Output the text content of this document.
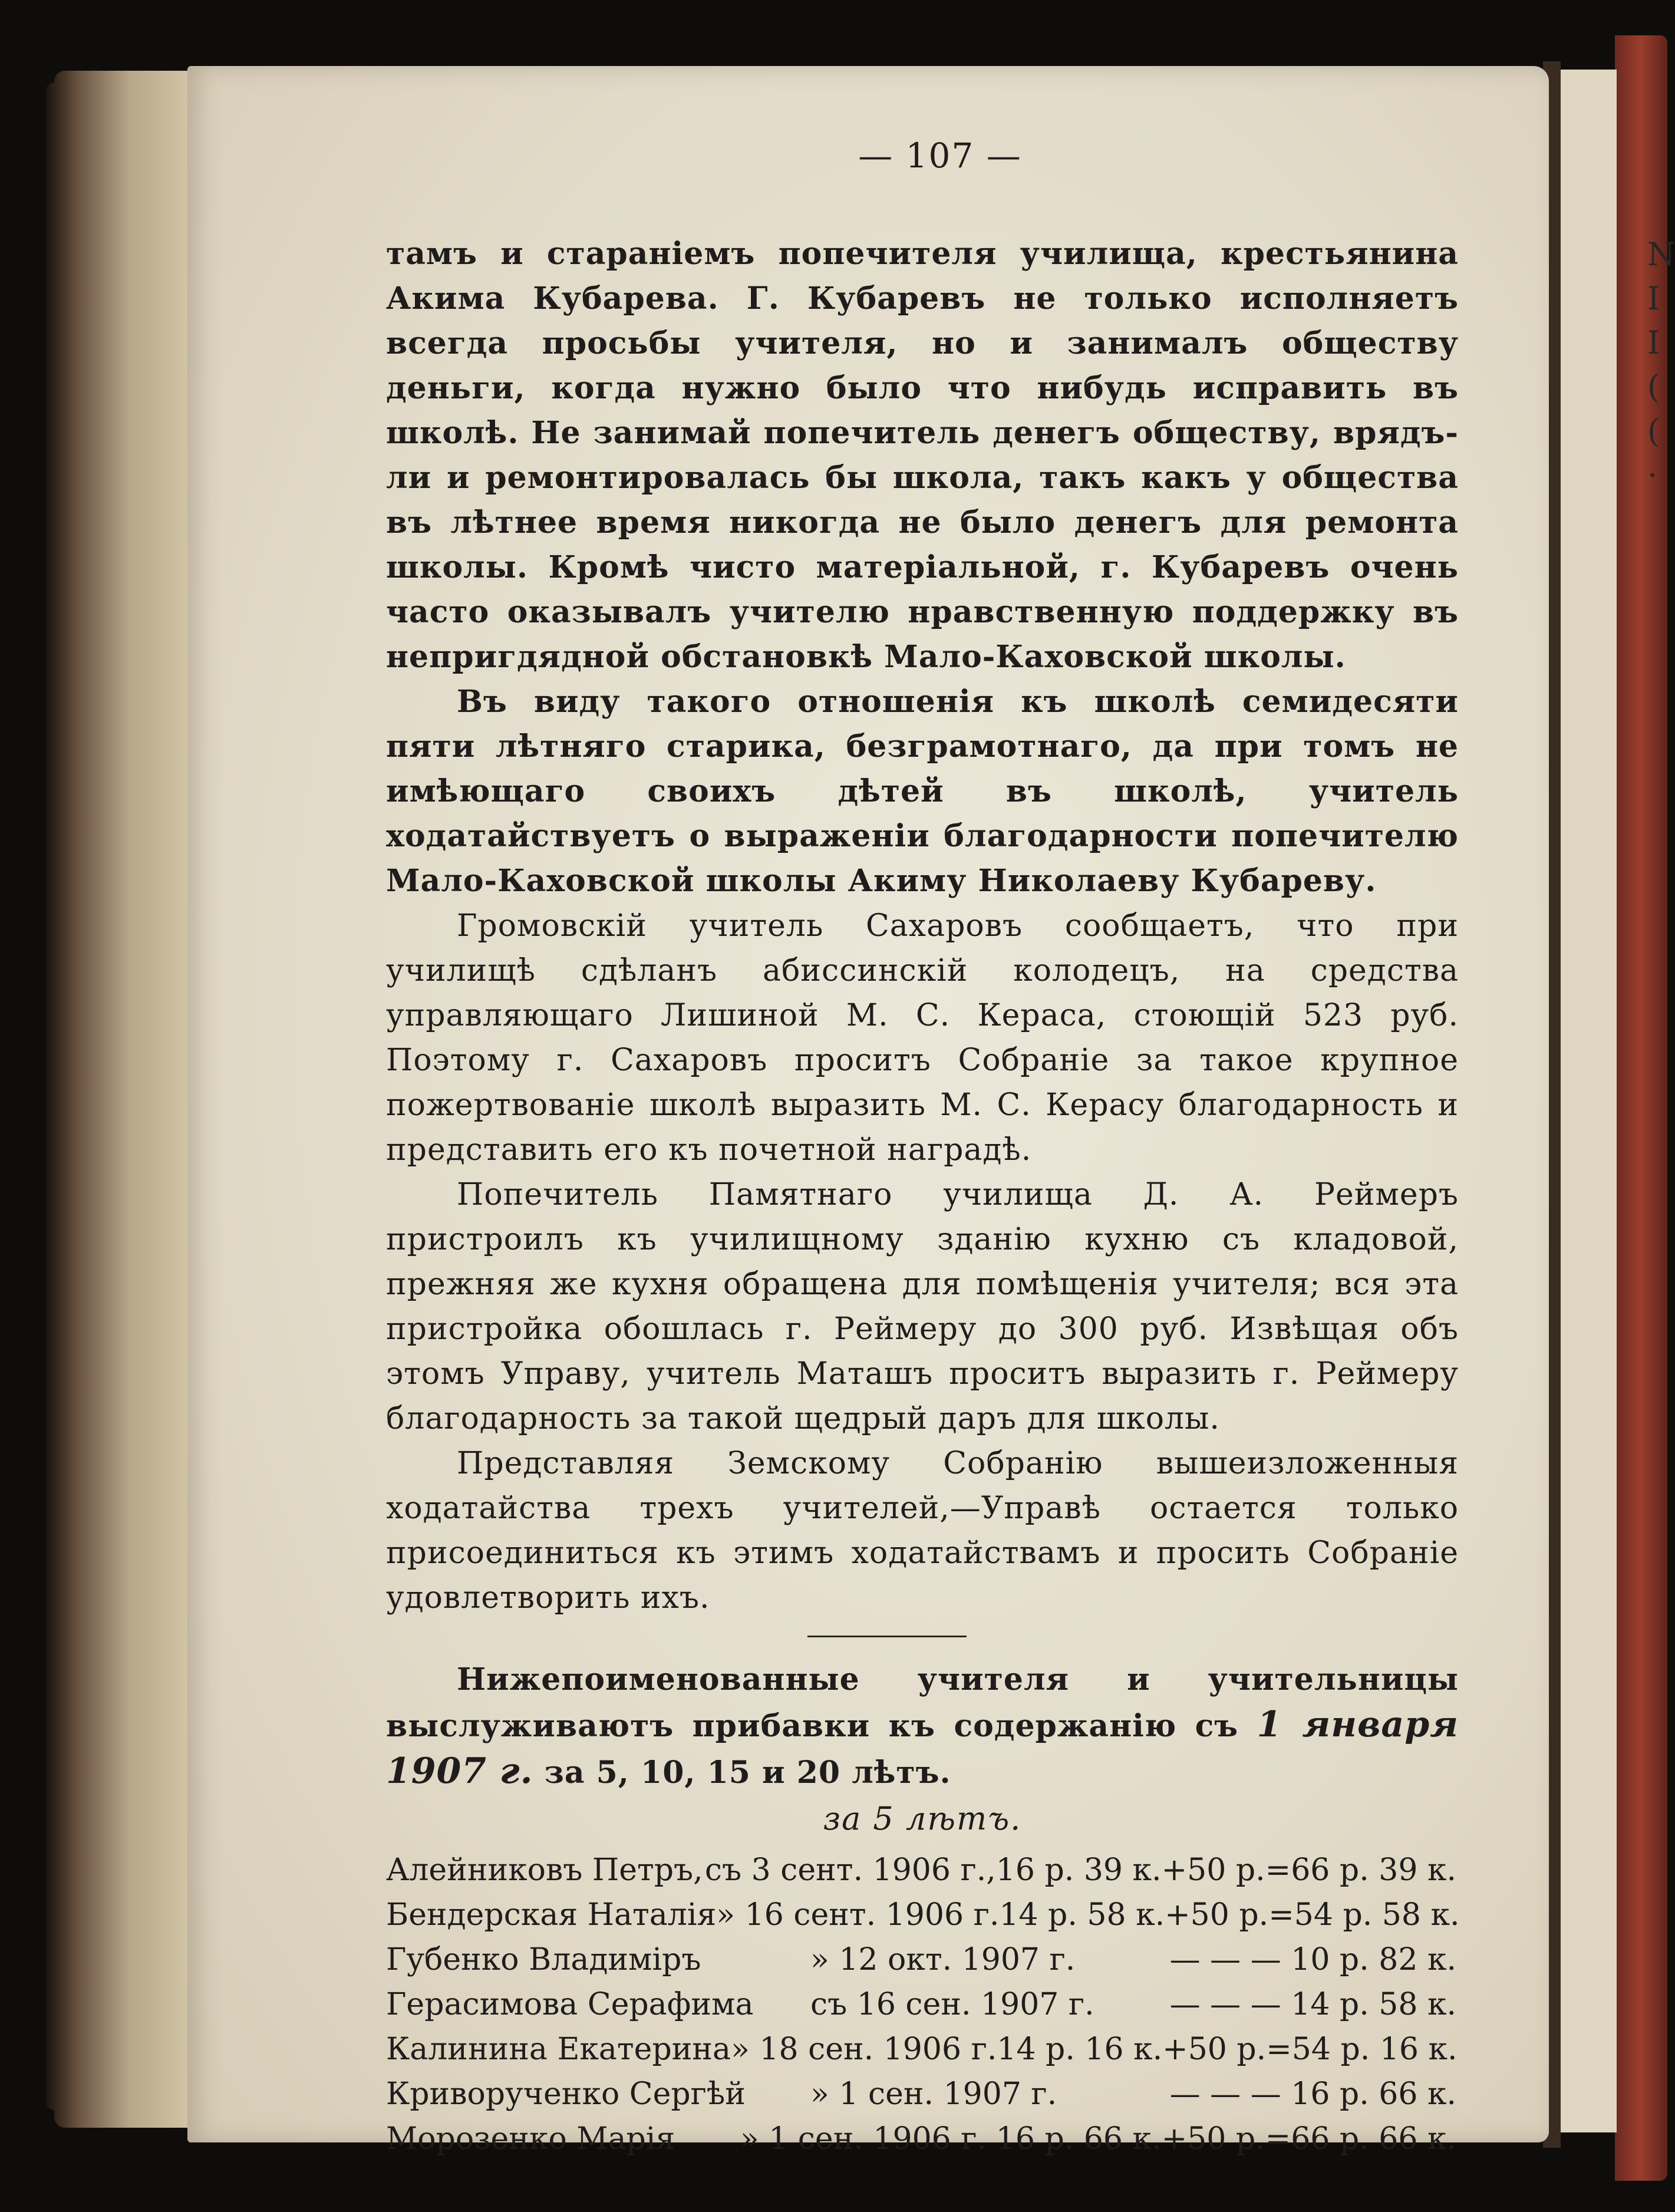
N
I
I
(
(
·
— 107 —

тамъ и стараніемъ попечителя училища, крестьянина Акима Кубарева. Г. Кубаревъ не только исполняетъ всегда просьбы учителя, но и занималъ обществу деньги, когда нужно было что нибудь исправить въ школѣ. Не занимай попечитель денегъ обществу, врядъ-ли и ремонтировалась бы школа, такъ какъ у общества въ лѣтнее время никогда не было денегъ для ремонта школы. Кромѣ чисто матеріальной, г. Кубаревъ очень часто оказывалъ учителю нравственную поддержку въ непригдядной обстановкѣ Мало-Каховской школы.

Въ виду такого отношенія къ школѣ семидесяти пяти лѣтняго старика, безграмотнаго, да при томъ не имѣющаго своихъ дѣтей въ школѣ, учитель ходатайствуетъ о выраженіи благодарности попечителю Мало-Каховской школы Акиму Николаеву Кубареву.

Громовскій учитель Сахаровъ сообщаетъ, что при училищѣ сдѣланъ абиссинскій колодецъ, на средства управляющаго Лишиной М. С. Кераса, стоющій 523 руб. Поэтому г. Сахаровъ проситъ Собраніе за такое крупное пожертвованіе школѣ выразить М. С. Керасу благодарность и представить его къ почетной наградѣ.

Попечитель Памятнаго училища Д. А. Реймеръ пристроилъ къ училищному зданію кухню съ кладовой, прежняя же кухня обращена для помѣщенія учителя; вся эта пристройка обошлась г. Реймеру до 300 руб. Извѣщая объ этомъ Управу, учитель Маташъ проситъ выразить г. Реймеру благодарность за такой щедрый даръ для школы.

Представляя Земскому Собранію вышеизложенныя ходатайства трехъ учителей,—Управѣ остается только присоединиться къ этимъ ходатайствамъ и просить Собраніе удовлетворить ихъ.

Нижепоименованные учителя и учительницы выслуживаютъ прибавки къ содержанію съ 1 января 1907 г. за 5, 10, 15 и 20 лѣтъ.

за 5 лѣтъ.
Алейниковъ Петръ, съ 3 сент. 1906 г., 16 р. 39 к.+50 р.=66 р. 39 к.
Бендерская Наталія » 16 сент. 1906 г. 14 р. 58 к.+50 р.=54 р. 58 к.
Губенко Владиміръ	» 12 окт. 1907 г.	— — — 10 р. 82 к.
Герасимова Серафима	съ 16 сен. 1907 г.	— — — 14 р. 58 к.
Калинина Екатерина » 18 сен. 1906 г. 14 р. 16 к.+50 р.=54 р. 16 к.
Криворученко Сергѣй	» 1 сен. 1907 г.	— — — 16 р. 66 к.
Морозенко Марія	» 1 сен. 1906 г. 16 р. 66 к.+50 р.=66 р. 66 к.
